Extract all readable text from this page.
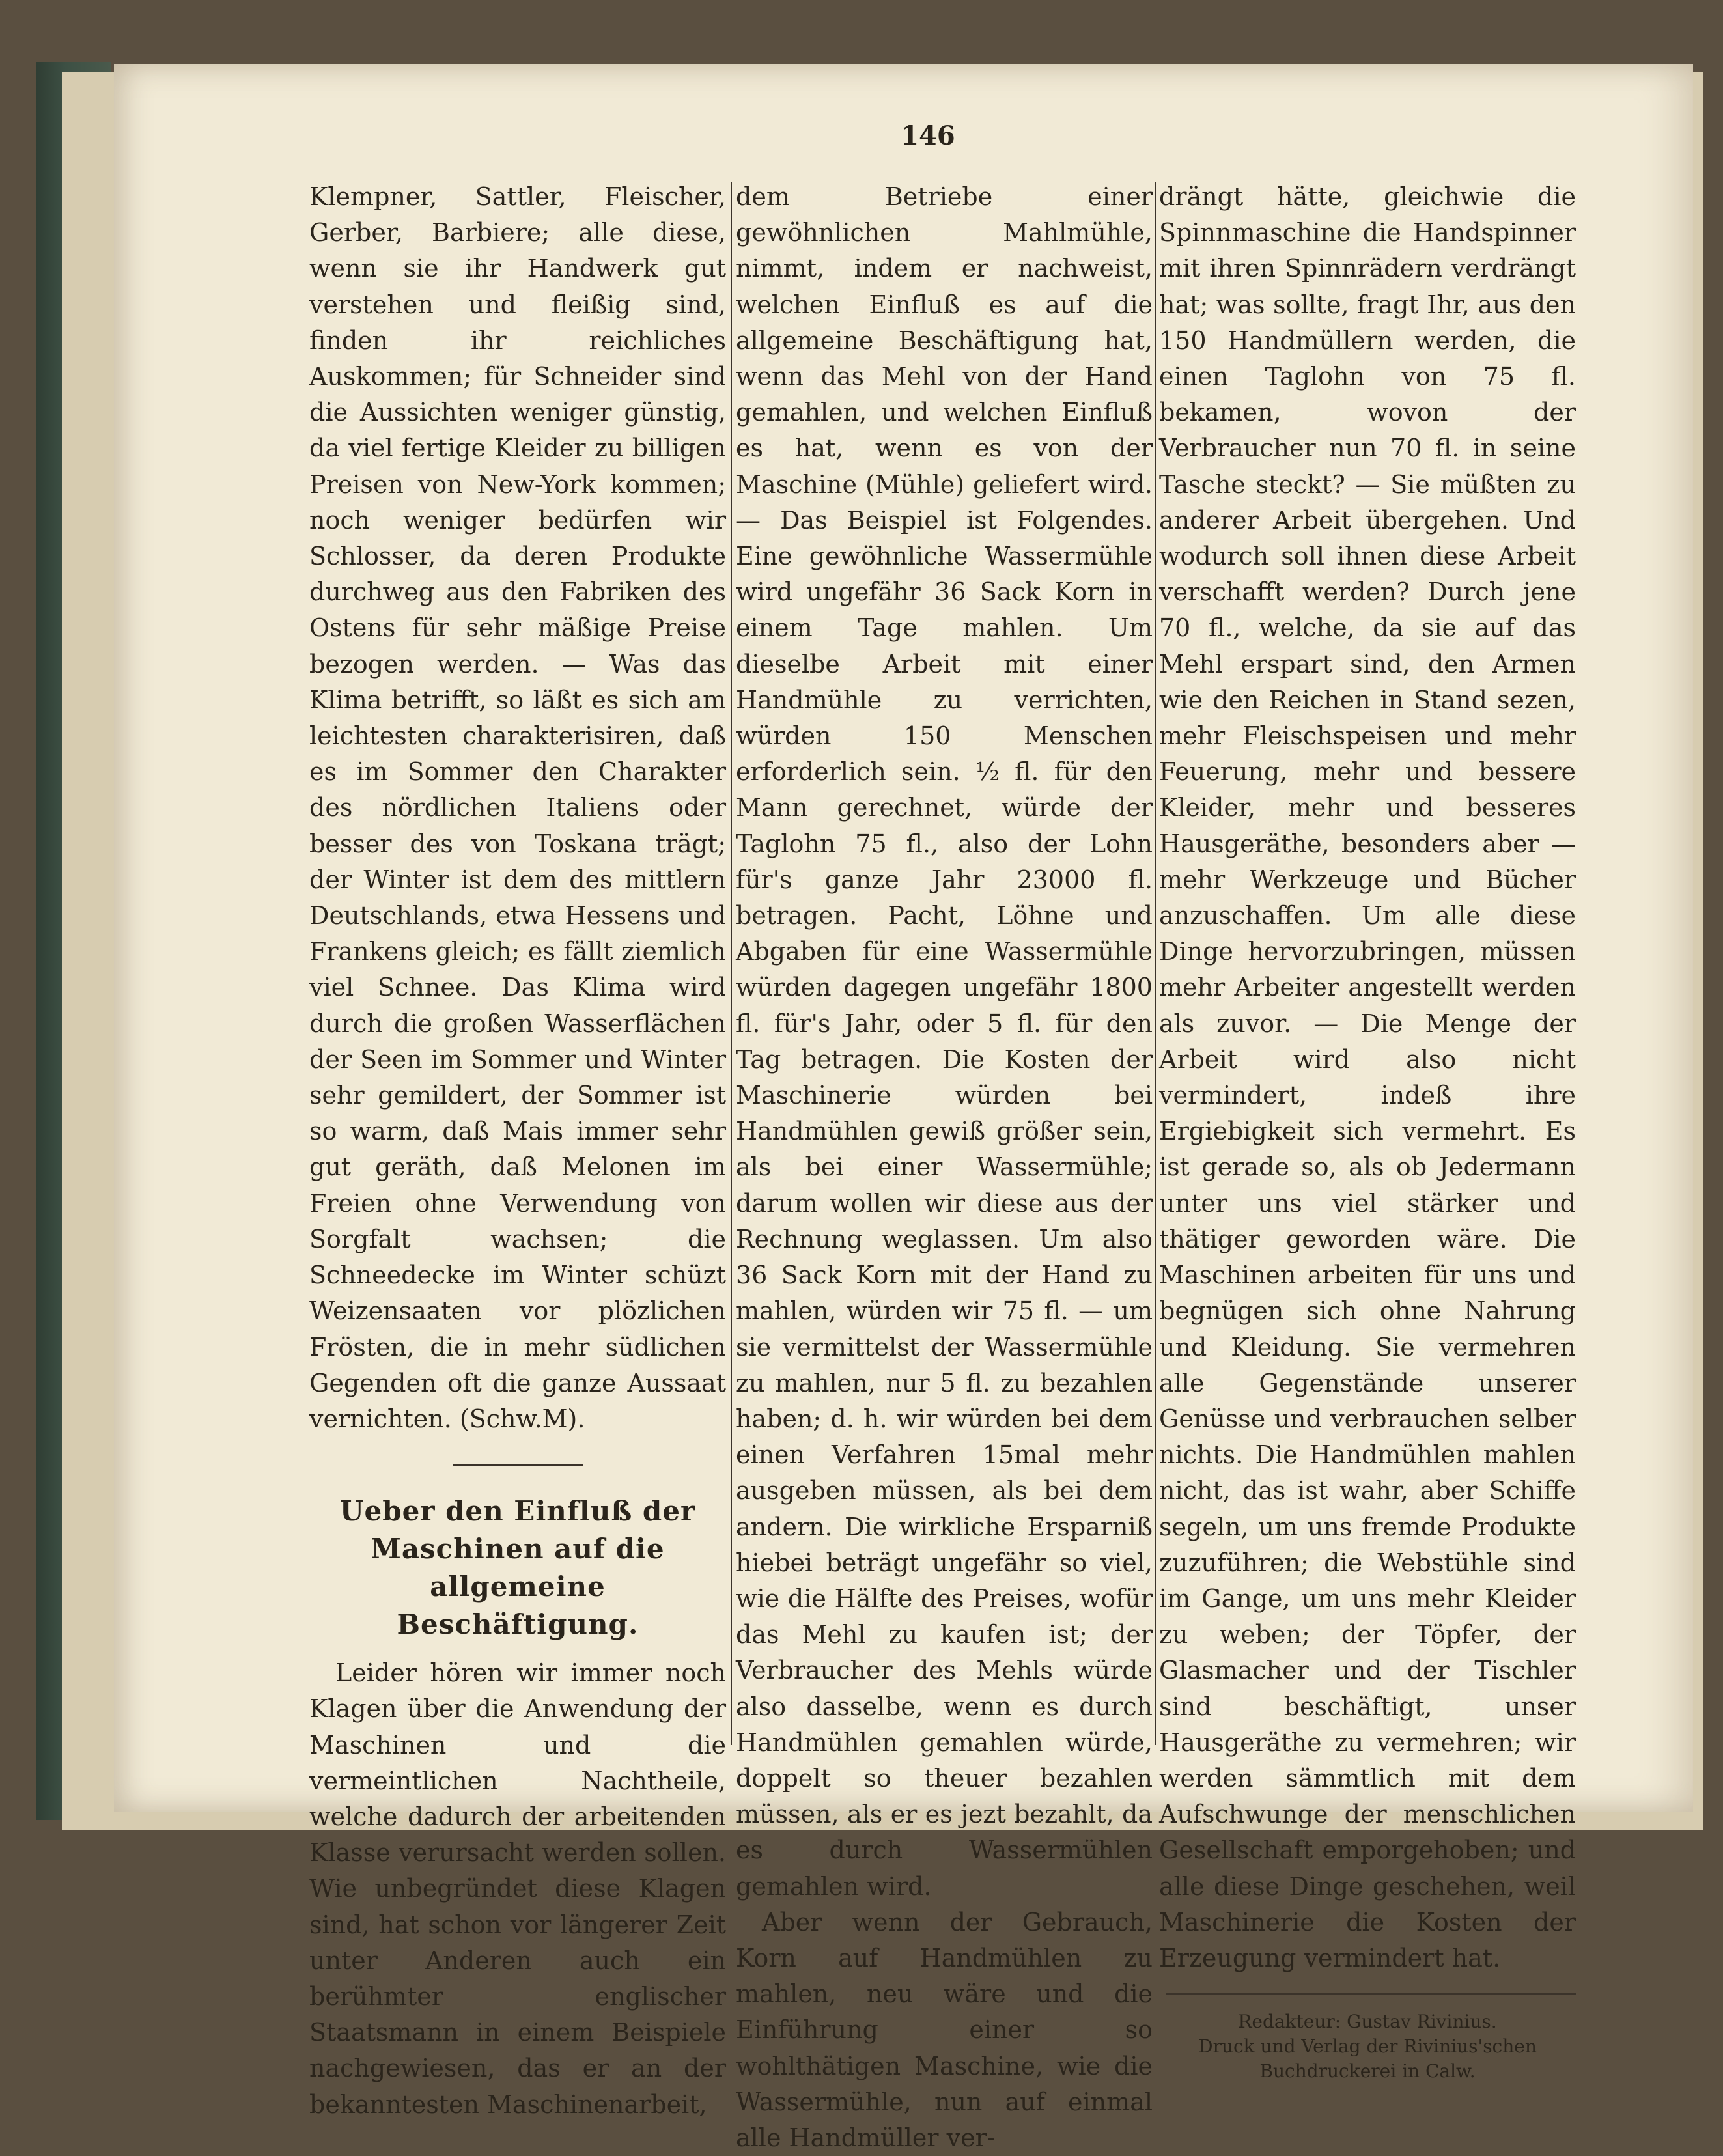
146

Klempner, Sattler, Fleischer, Gerber, Barbiere; alle diese, wenn sie ihr Handwerk gut verstehen und fleißig sind, finden ihr reichliches Auskommen; für Schneider sind die Aussichten weniger günstig, da viel fertige Kleider zu billigen Preisen von New-York kommen; noch weniger bedürfen wir Schlosser, da deren Produkte durchweg aus den Fabriken des Ostens für sehr mäßige Preise bezogen werden. — Was das Klima betrifft, so läßt es sich am leichtesten charakterisiren, daß es im Sommer den Charakter des nördlichen Italiens oder besser des von Toskana trägt; der Winter ist dem des mittlern Deutschlands, etwa Hessens und Frankens gleich; es fällt ziemlich viel Schnee. Das Klima wird durch die großen Wasserflächen der Seen im Sommer und Winter sehr gemildert, der Sommer ist so warm, daß Mais immer sehr gut geräth, daß Melonen im Freien ohne Verwendung von Sorgfalt wachsen; die Schneedecke im Winter schüzt Weizensaaten vor plözlichen Frösten, die in mehr südlichen Gegenden oft die ganze Aussaat vernichten. (Schw.M).

Ueber den Einfluß der Maschinen auf die allgemeine Beschäftigung.

Leider hören wir immer noch Klagen über die Anwendung der Maschinen und die vermeintlichen Nachtheile, welche dadurch der arbeitenden Klasse verursacht werden sollen. Wie unbegründet diese Klagen sind, hat schon vor längerer Zeit unter Anderen auch ein berühmter englischer Staatsmann in einem Beispiele nachgewiesen, das er an der bekanntesten Maschinenarbeit,

dem Betriebe einer gewöhnlichen Mahlmühle, nimmt, indem er nachweist, welchen Einfluß es auf die allgemeine Beschäftigung hat, wenn das Mehl von der Hand gemahlen, und welchen Einfluß es hat, wenn es von der Maschine (Mühle) geliefert wird. — Das Beispiel ist Folgendes. Eine gewöhnliche Wassermühle wird ungefähr 36 Sack Korn in einem Tage mahlen. Um dieselbe Arbeit mit einer Handmühle zu verrichten, würden 150 Menschen erforderlich sein. ½ fl. für den Mann gerechnet, würde der Taglohn 75 fl., also der Lohn für's ganze Jahr 23000 fl. betragen. Pacht, Löhne und Abgaben für eine Wassermühle würden dagegen ungefähr 1800 fl. für's Jahr, oder 5 fl. für den Tag betragen. Die Kosten der Maschinerie würden bei Handmühlen gewiß größer sein, als bei einer Wassermühle; darum wollen wir diese aus der Rechnung weglassen. Um also 36 Sack Korn mit der Hand zu mahlen, würden wir 75 fl. — um sie vermittelst der Wassermühle zu mahlen, nur 5 fl. zu bezahlen haben; d. h. wir würden bei dem einen Verfahren 15mal mehr ausgeben müssen, als bei dem andern. Die wirkliche Ersparniß hiebei beträgt ungefähr so viel, wie die Hälfte des Preises, wofür das Mehl zu kaufen ist; der Verbraucher des Mehls würde also dasselbe, wenn es durch Handmühlen gemahlen würde, doppelt so theuer bezahlen müssen, als er es jezt bezahlt, da es durch Wassermühlen gemahlen wird.

Aber wenn der Gebrauch, Korn auf Handmühlen zu mahlen, neu wäre und die Einführung einer so wohlthätigen Maschine, wie die Wassermühle, nun auf einmal alle Handmüller ver-

drängt hätte, gleichwie die Spinnmaschine die Handspinner mit ihren Spinnrädern verdrängt hat; was sollte, fragt Ihr, aus den 150 Handmüllern werden, die einen Taglohn von 75 fl. bekamen, wovon der Verbraucher nun 70 fl. in seine Tasche steckt? — Sie müßten zu anderer Arbeit übergehen. Und wodurch soll ihnen diese Arbeit verschafft werden? Durch jene 70 fl., welche, da sie auf das Mehl erspart sind, den Armen wie den Reichen in Stand sezen, mehr Fleischspeisen und mehr Feuerung, mehr und bessere Kleider, mehr und besseres Hausgeräthe, besonders aber — mehr Werkzeuge und Bücher anzuschaffen. Um alle diese Dinge hervorzubringen, müssen mehr Arbeiter angestellt werden als zuvor. — Die Menge der Arbeit wird also nicht vermindert, indeß ihre Ergiebigkeit sich vermehrt. Es ist gerade so, als ob Jedermann unter uns viel stärker und thätiger geworden wäre. Die Maschinen arbeiten für uns und begnügen sich ohne Nahrung und Kleidung. Sie vermehren alle Gegenstände unserer Genüsse und verbrauchen selber nichts. Die Handmühlen mahlen nicht, das ist wahr, aber Schiffe segeln, um uns fremde Produkte zuzuführen; die Webstühle sind im Gange, um uns mehr Kleider zu weben; der Töpfer, der Glasmacher und der Tischler sind beschäftigt, unser Hausgeräthe zu vermehren; wir werden sämmtlich mit dem Aufschwunge der menschlichen Gesellschaft emporgehoben; und alle diese Dinge geschehen, weil Maschinerie die Kosten der Erzeugung vermindert hat.

Redakteur: Gustav Rivinius.
Druck und Verlag der Rivinius'schen Buchdruckerei in Calw.
